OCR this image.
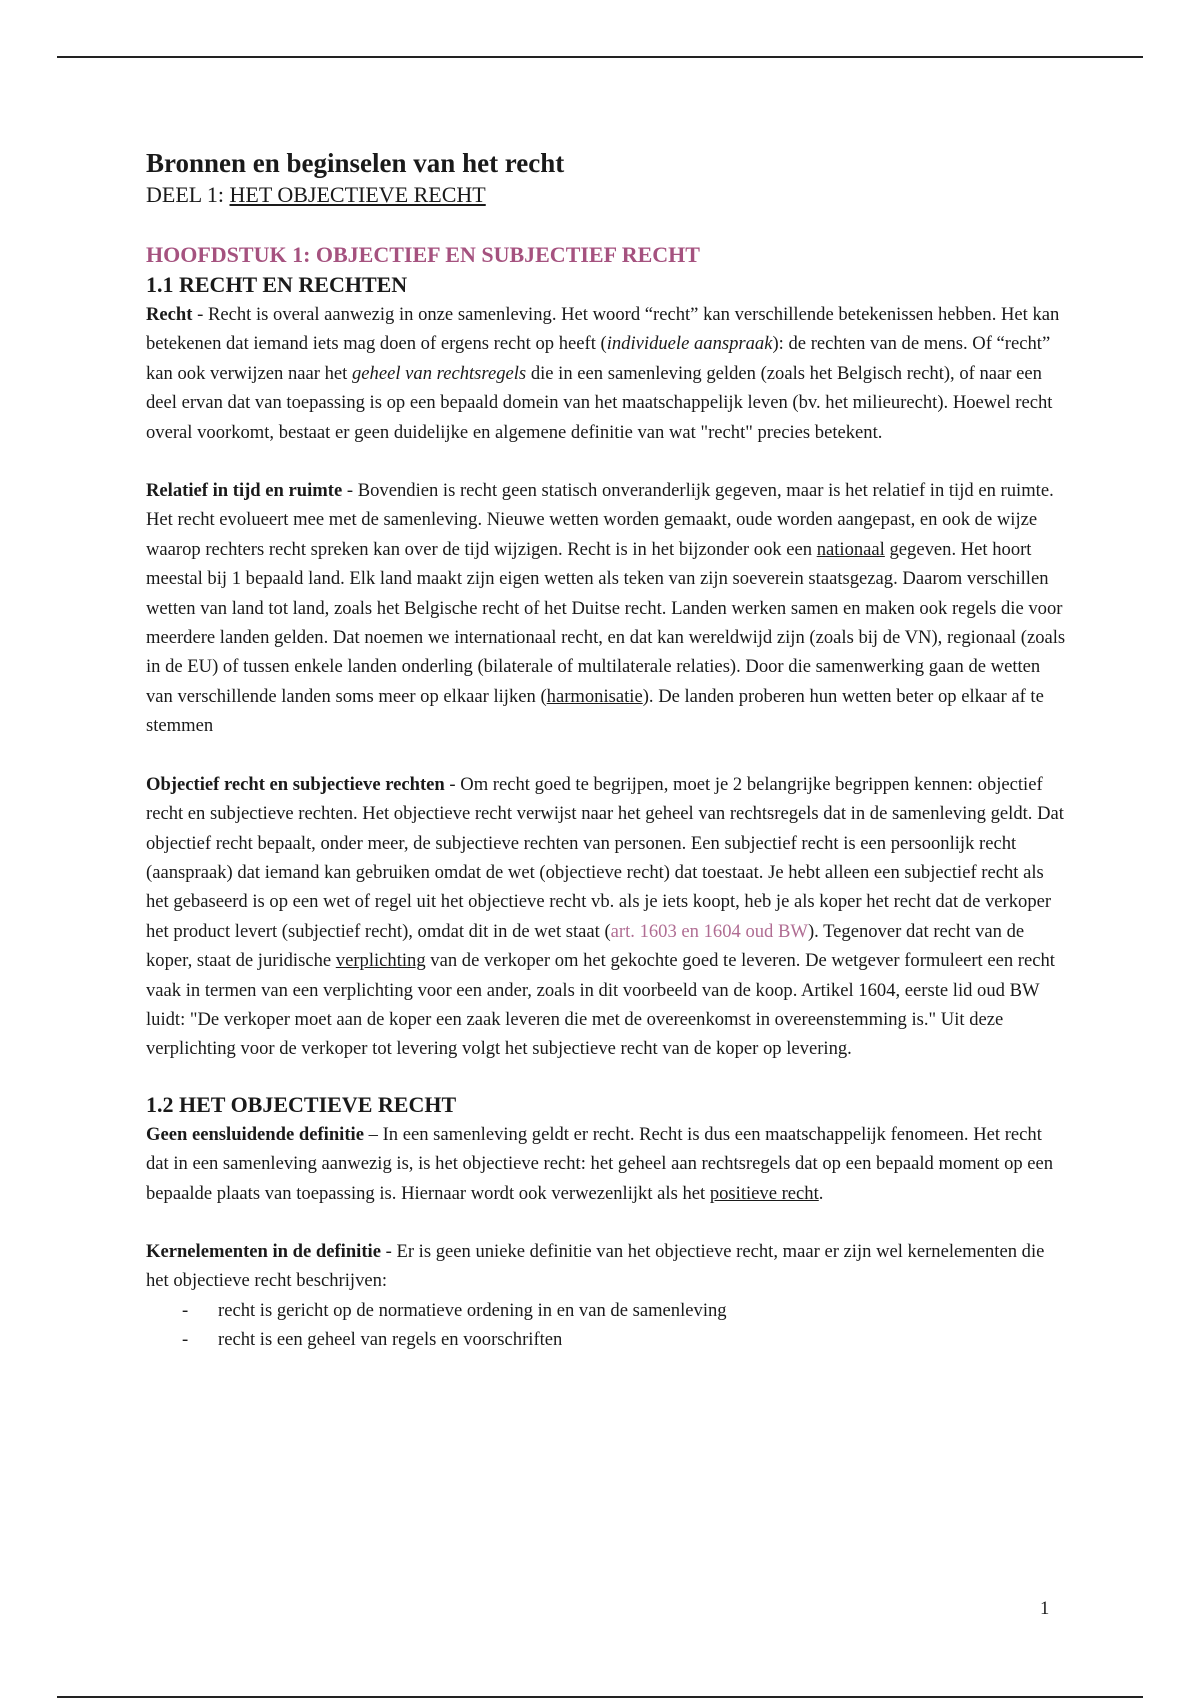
Bronnen en beginselen van het recht

DEEL 1: HET OBJECTIEVE RECHT

HOOFDSTUK 1: OBJECTIEF EN SUBJECTIEF RECHT
1.1 RECHT EN RECHTEN

Recht - Recht is overal aanwezig in onze samenleving. Het woord “recht” kan verschillende betekenissen hebben. Het kan betekenen dat iemand iets mag doen of ergens recht op heeft (individuele aanspraak): de rechten van de mens. Of “recht” kan ook verwijzen naar het geheel van rechtsregels die in een samenleving gelden (zoals het Belgisch recht), of naar een deel ervan dat van toepassing is op een bepaald domein van het maatschappelijk leven (bv. het milieurecht). Hoewel recht overal voorkomt, bestaat er geen duidelijke en algemene definitie van wat "recht" precies betekent.

Relatief in tijd en ruimte - Bovendien is recht geen statisch onveranderlijk gegeven, maar is het relatief in tijd en ruimte. Het recht evolueert mee met de samenleving. Nieuwe wetten worden gemaakt, oude worden aangepast, en ook de wijze waarop rechters recht spreken kan over de tijd wijzigen. Recht is in het bijzonder ook een nationaal gegeven. Het hoort meestal bij 1 bepaald land. Elk land maakt zijn eigen wetten als teken van zijn soeverein staatsgezag. Daarom verschillen wetten van land tot land, zoals het Belgische recht of het Duitse recht. Landen werken samen en maken ook regels die voor meerdere landen gelden. Dat noemen we internationaal recht, en dat kan wereldwijd zijn (zoals bij de VN), regionaal (zoals in de EU) of tussen enkele landen onderling (bilaterale of multilaterale relaties). Door die samenwerking gaan de wetten van verschillende landen soms meer op elkaar lijken (harmonisatie). De landen proberen hun wetten beter op elkaar af te stemmen

Objectief recht en subjectieve rechten - Om recht goed te begrijpen, moet je 2 belangrijke begrippen kennen: objectief recht en subjectieve rechten. Het objectieve recht verwijst naar het geheel van rechtsregels dat in de samenleving geldt. Dat objectief recht bepaalt, onder meer, de subjectieve rechten van personen. Een subjectief recht is een persoonlijk recht (aanspraak) dat iemand kan gebruiken omdat de wet (objectieve recht) dat toestaat. Je hebt alleen een subjectief recht als het gebaseerd is op een wet of regel uit het objectieve recht vb. als je iets koopt, heb je als koper het recht dat de verkoper het product levert (subjectief recht), omdat dit in de wet staat (art. 1603 en 1604 oud BW). Tegenover dat recht van de koper, staat de juridische verplichting van de verkoper om het gekochte goed te leveren. De wetgever formuleert een recht vaak in termen van een verplichting voor een ander, zoals in dit voorbeeld van de koop. Artikel 1604, eerste lid oud BW luidt: "De verkoper moet aan de koper een zaak leveren die met de overeenkomst in overeenstemming is." Uit deze verplichting voor de verkoper tot levering volgt het subjectieve recht van de koper op levering.

1.2 HET OBJECTIEVE RECHT

Geen eensluidende definitie – In een samenleving geldt er recht. Recht is dus een maatschappelijk fenomeen. Het recht dat in een samenleving aanwezig is, is het objectieve recht: het geheel aan rechtsregels dat op een bepaald moment op een bepaalde plaats van toepassing is. Hiernaar wordt ook verwezenlijkt als het positieve recht.

Kernelementen in de definitie - Er is geen unieke definitie van het objectieve recht, maar er zijn wel kernelementen die het objectieve recht beschrijven:

- recht is gericht op de normatieve ordening in en van de samenleving
- recht is een geheel van regels en voorschriften
1
